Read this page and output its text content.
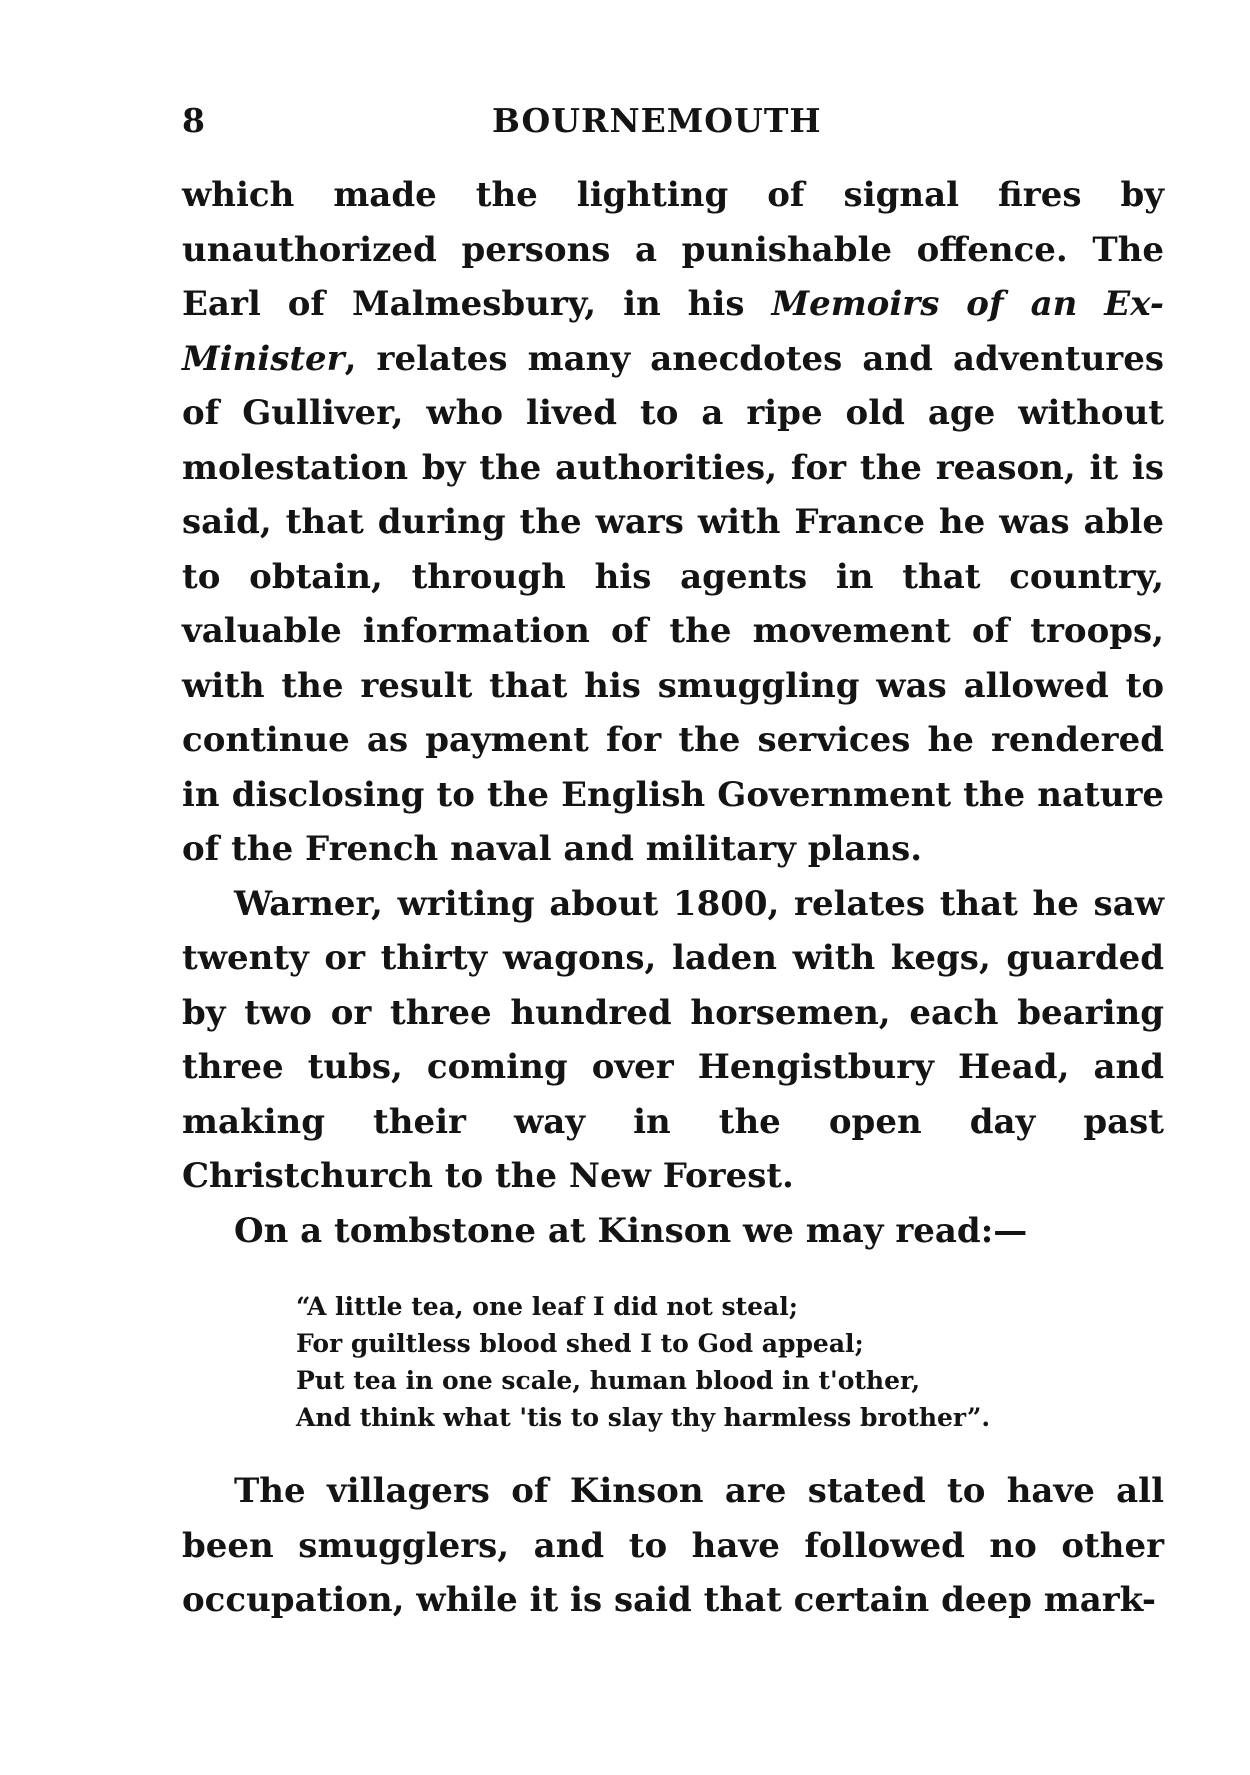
8	BOURNEMOUTH

which made the lighting of signal fires by unauthorized persons a punishable offence. The Earl of Malmesbury, in his Memoirs of an Ex-Minister, relates many anecdotes and adventures of Gulliver, who lived to a ripe old age without molestation by the authorities, for the reason, it is said, that during the wars with France he was able to obtain, through his agents in that country, valuable information of the movement of troops, with the result that his smuggling was allowed to continue as payment for the services he rendered in disclosing to the English Government the nature of the French naval and military plans.

Warner, writing about 1800, relates that he saw twenty or thirty wagons, laden with kegs, guarded by two or three hundred horsemen, each bearing three tubs, coming over Hengistbury Head, and making their way in the open day past Christchurch to the New Forest.

On a tombstone at Kinson we may read:—

“A little tea, one leaf I did not steal;
For guiltless blood shed I to God appeal;
Put tea in one scale, human blood in t'other,
And think what 'tis to slay thy harmless brother”.

The villagers of Kinson are stated to have all been smugglers, and to have followed no other occupation, while it is said that certain deep mark-
